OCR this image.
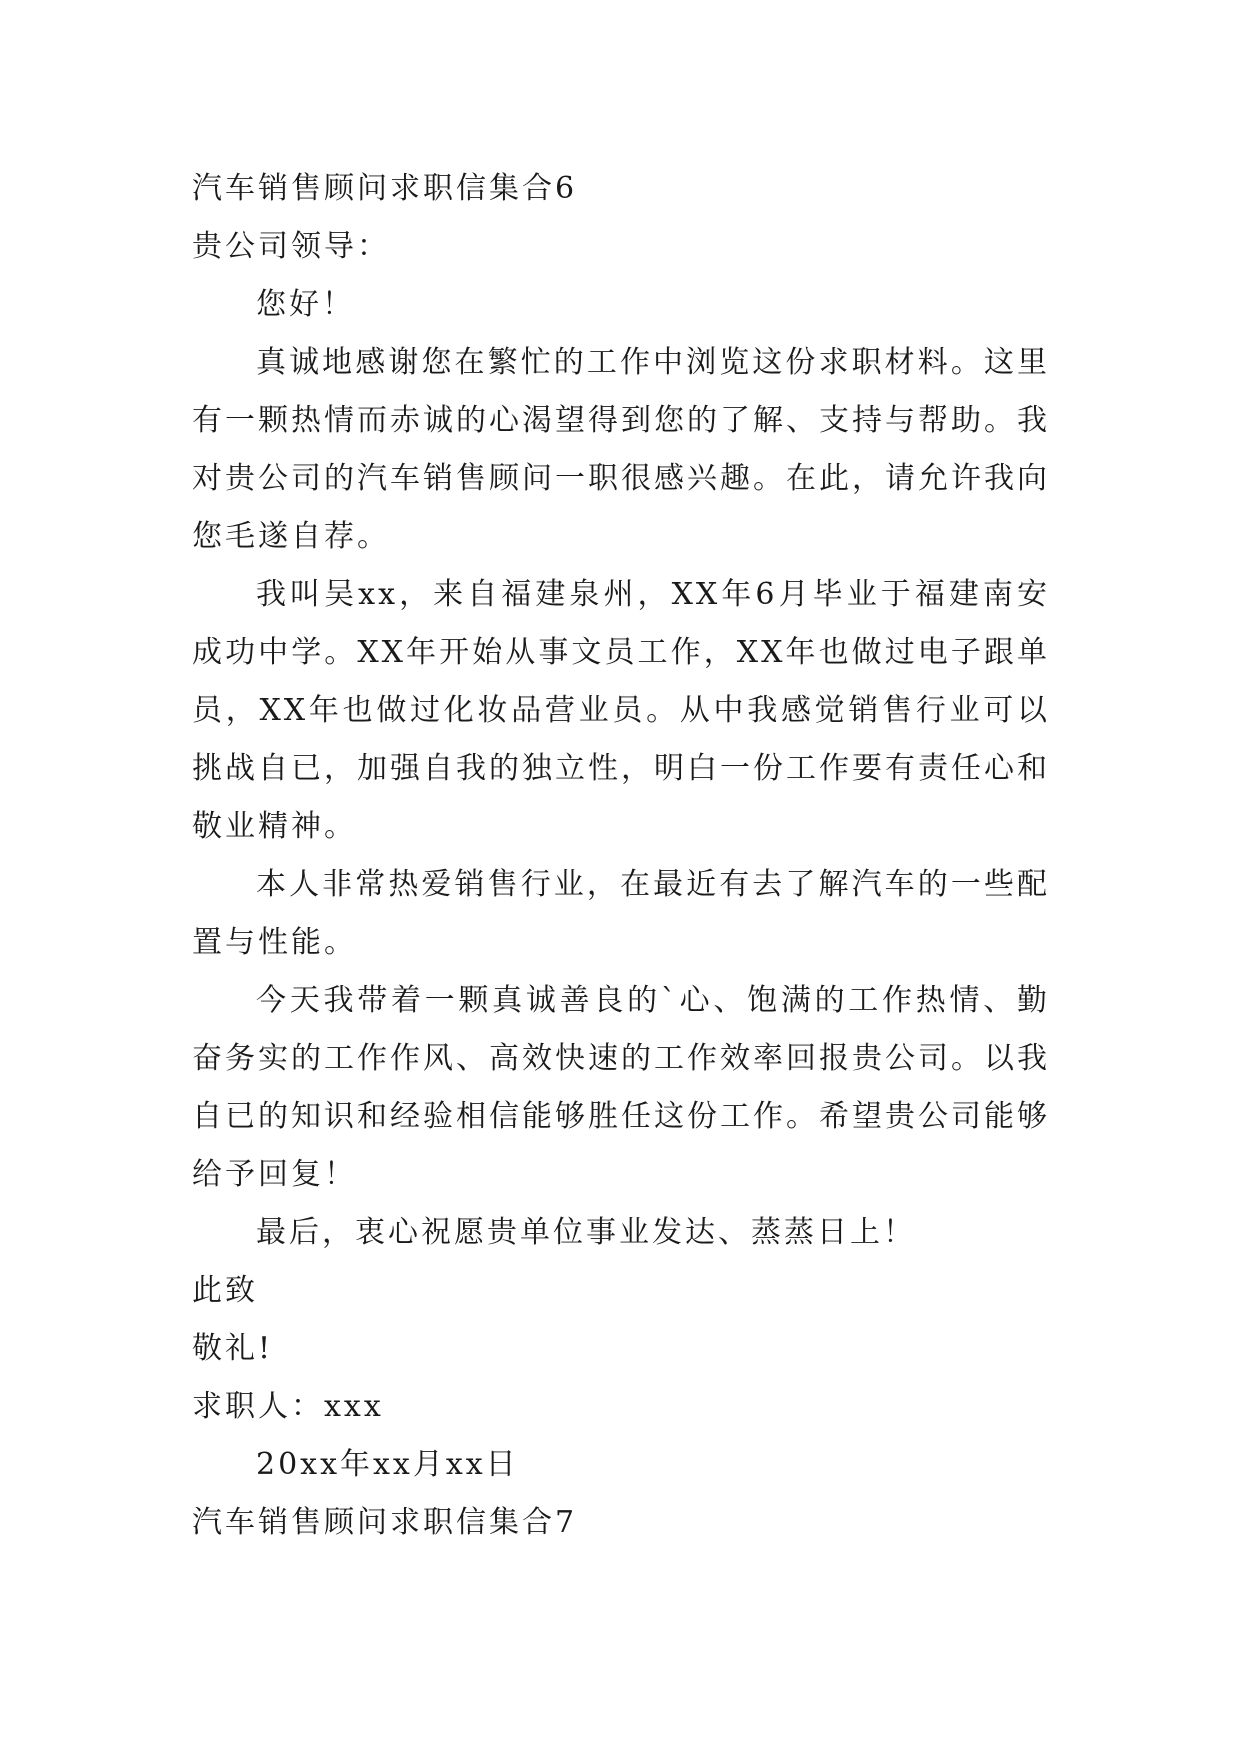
汽车销售顾问求职信集合6

贵公司领导：

您好！

真诚地感谢您在繁忙的工作中浏览这份求职材料。这里有一颗热情而赤诚的心渴望得到您的了解、支持与帮助。我对贵公司的汽车销售顾问一职很感兴趣。在此，请允许我向您毛遂自荐。

我叫吴xx，来自福建泉州，XX年6月毕业于福建南安成功中学。XX年开始从事文员工作，XX年也做过电子跟单员，XX年也做过化妆品营业员。从中我感觉销售行业可以挑战自已，加强自我的独立性，明白一份工作要有责任心和敬业精神。

本人非常热爱销售行业，在最近有去了解汽车的一些配置与性能。

今天我带着一颗真诚善良的`心、饱满的工作热情、勤奋务实的工作作风、高效快速的工作效率回报贵公司。以我自已的知识和经验相信能够胜任这份工作。希望贵公司能够给予回复！

最后，衷心祝愿贵单位事业发达、蒸蒸日上！

此致

敬礼!

求职人：xxx

20xx年xx月xx日

汽车销售顾问求职信集合7
